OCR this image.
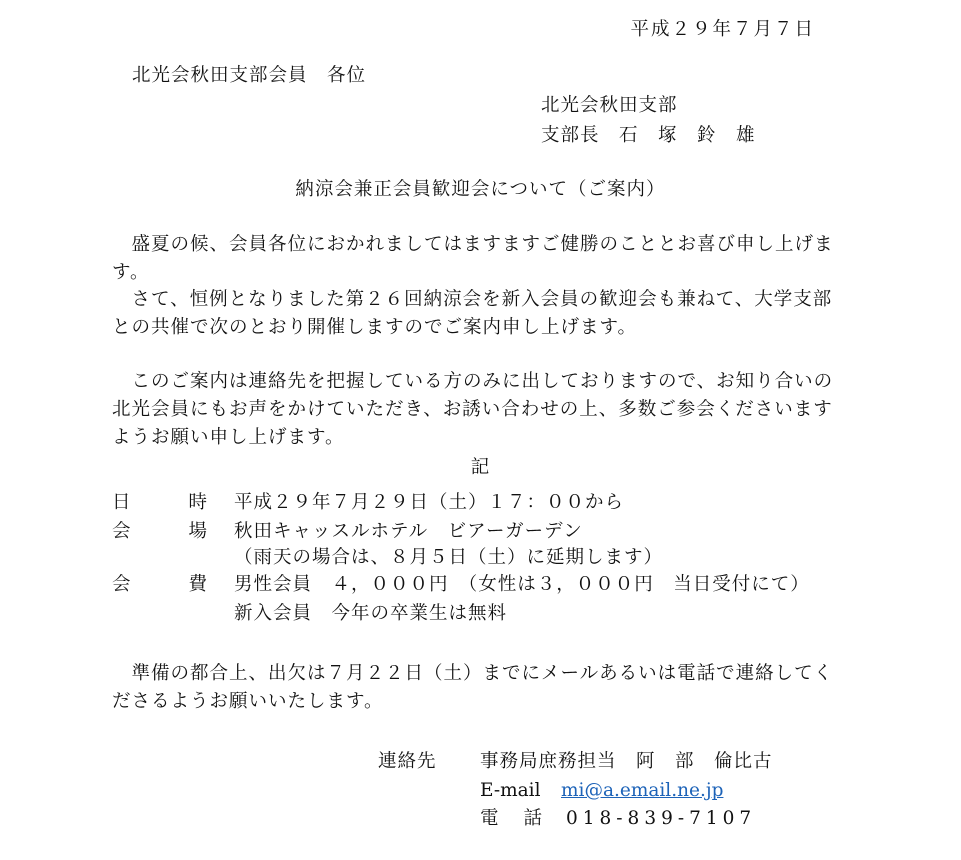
平成２９年７月７日
北光会秋田支部会員　各位
北光会秋田支部
支部長　石　塚　鈴　雄
納涼会兼正会員歓迎会について（ご案内）
　盛夏の候、会員各位におかれましてはますますご健勝のこととお喜び申し上げます。
　さて、恒例となりました第２６回納涼会を新入会員の歓迎会も兼ねて、大学支部との共催で次のとおり開催しますのでご案内申し上げます。
　このご案内は連絡先を把握している方のみに出しておりますので、お知り合いの北光会員にもお声をかけていただき、お誘い合わせの上、多数ご参会くださいますようお願い申し上げます。
記
日	時 平成２９年７月２９日（土）１７：００から
会	場 秋田キャッスルホテル　ビアーガーデン
（雨天の場合は、８月５日（土）に延期します）
会	費 男性会員　４，０００円　（女性は３，０００円　当日受付にて）
新入会員　今年の卒業生は無料
　準備の都合上、出欠は７月２２日（土）までにメールあるいは電話で連絡してくださるようお願いいたします。
連絡先 事務局庶務担当　阿　部　倫比古
E-mail mi@a.email.ne.jp
電 話 018-839-7107
